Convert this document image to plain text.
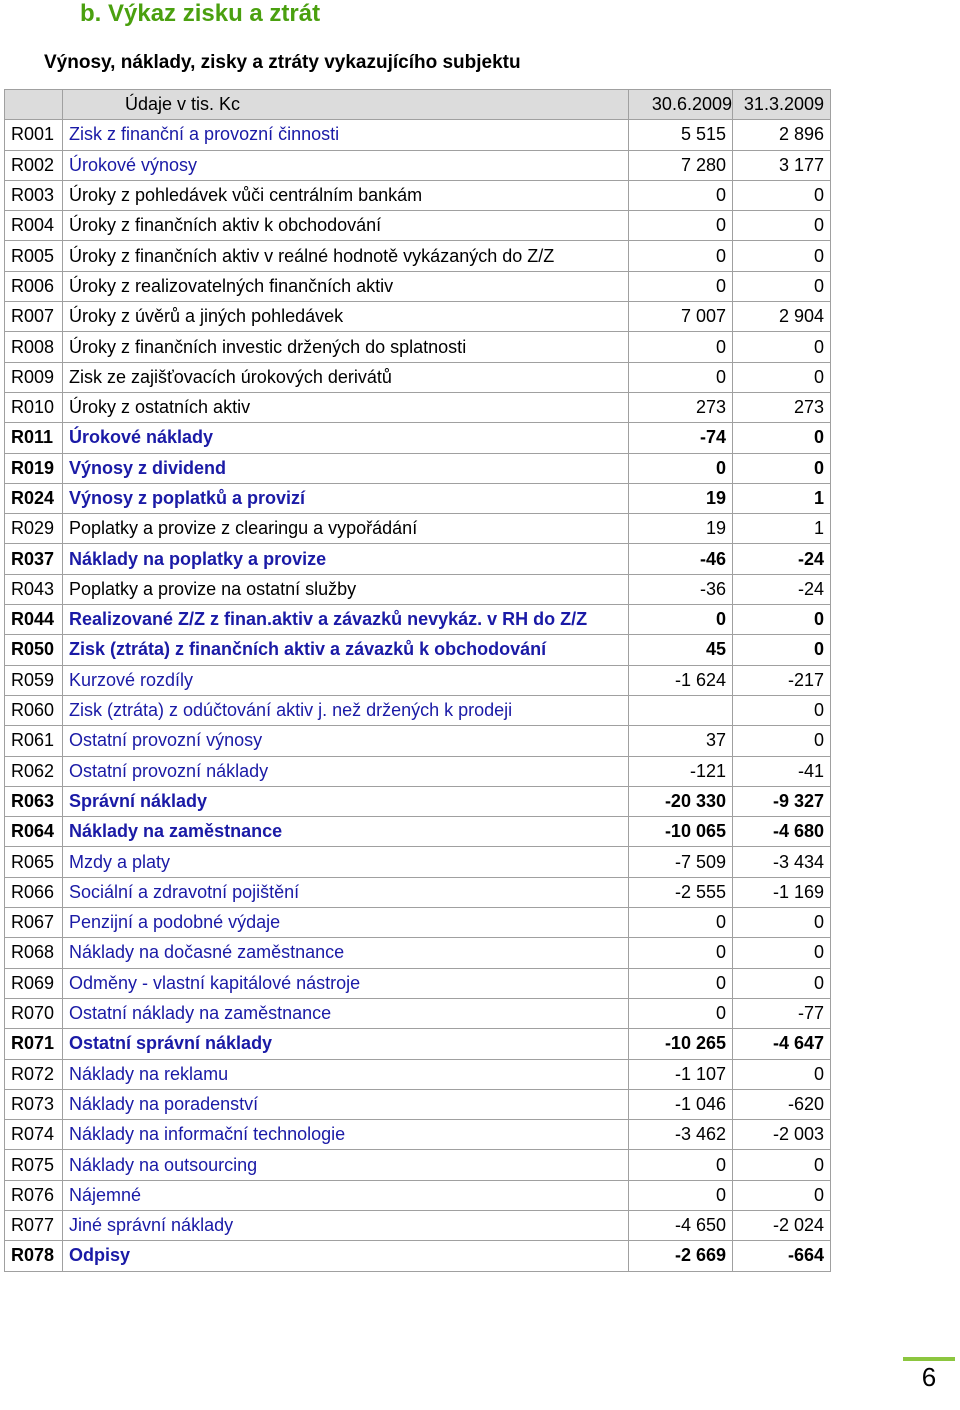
b. Výkaz zisku a ztrát
Výnosy, náklady, zisky a ztráty vykazujícího subjektu
	Údaje v tis. Kc	30.6.2009	31.3.2009
R001	Zisk z finanční a provozní činnosti	5 515	2 896
R002	Úrokové výnosy	7 280	3 177
R003	Úroky z pohledávek vůči centrálním bankám	0	0
R004	Úroky z finančních aktiv k obchodování	0	0
R005	Úroky z finančních aktiv v reálné hodnotě vykázaných do Z/Z	0	0
R006	Úroky z realizovatelných finančních aktiv	0	0
R007	Úroky z úvěrů a jiných pohledávek	7 007	2 904
R008	Úroky z finančních investic držených do splatnosti	0	0
R009	Zisk ze zajišťovacích úrokových derivátů	0	0
R010	Úroky z ostatních aktiv	273	273
R011	Úrokové náklady	-74	0
R019	Výnosy z dividend	0	0
R024	Výnosy z poplatků a provizí	19	1
R029	Poplatky a provize z clearingu a vypořádání	19	1
R037	Náklady na poplatky a provize	-46	-24
R043	Poplatky a provize na ostatní služby	-36	-24
R044	Realizované Z/Z z finan.aktiv a závazků nevykáz. v RH do Z/Z	0	0
R050	Zisk (ztráta) z finančních aktiv a závazků k obchodování	45	0
R059	Kurzové rozdíly	-1 624	-217
R060	Zisk (ztráta) z odúčtování aktiv j. než držených k prodeji		0
R061	Ostatní provozní výnosy	37	0
R062	Ostatní provozní náklady	-121	-41
R063	Správní náklady	-20 330	-9 327
R064	Náklady na zaměstnance	-10 065	-4 680
R065	Mzdy a platy	-7 509	-3 434
R066	Sociální a zdravotní pojištění	-2 555	-1 169
R067	Penzijní a podobné výdaje	0	0
R068	Náklady na dočasné zaměstnance	0	0
R069	Odměny - vlastní kapitálové nástroje	0	0
R070	Ostatní náklady na zaměstnance	0	-77
R071	Ostatní správní náklady	-10 265	-4 647
R072	Náklady na reklamu	-1 107	0
R073	Náklady na poradenství	-1 046	-620
R074	Náklady na informační technologie	-3 462	-2 003
R075	Náklady na outsourcing	0	0
R076	Nájemné	0	0
R077	Jiné správní náklady	-4 650	-2 024
R078	Odpisy	-2 669	-664
6
